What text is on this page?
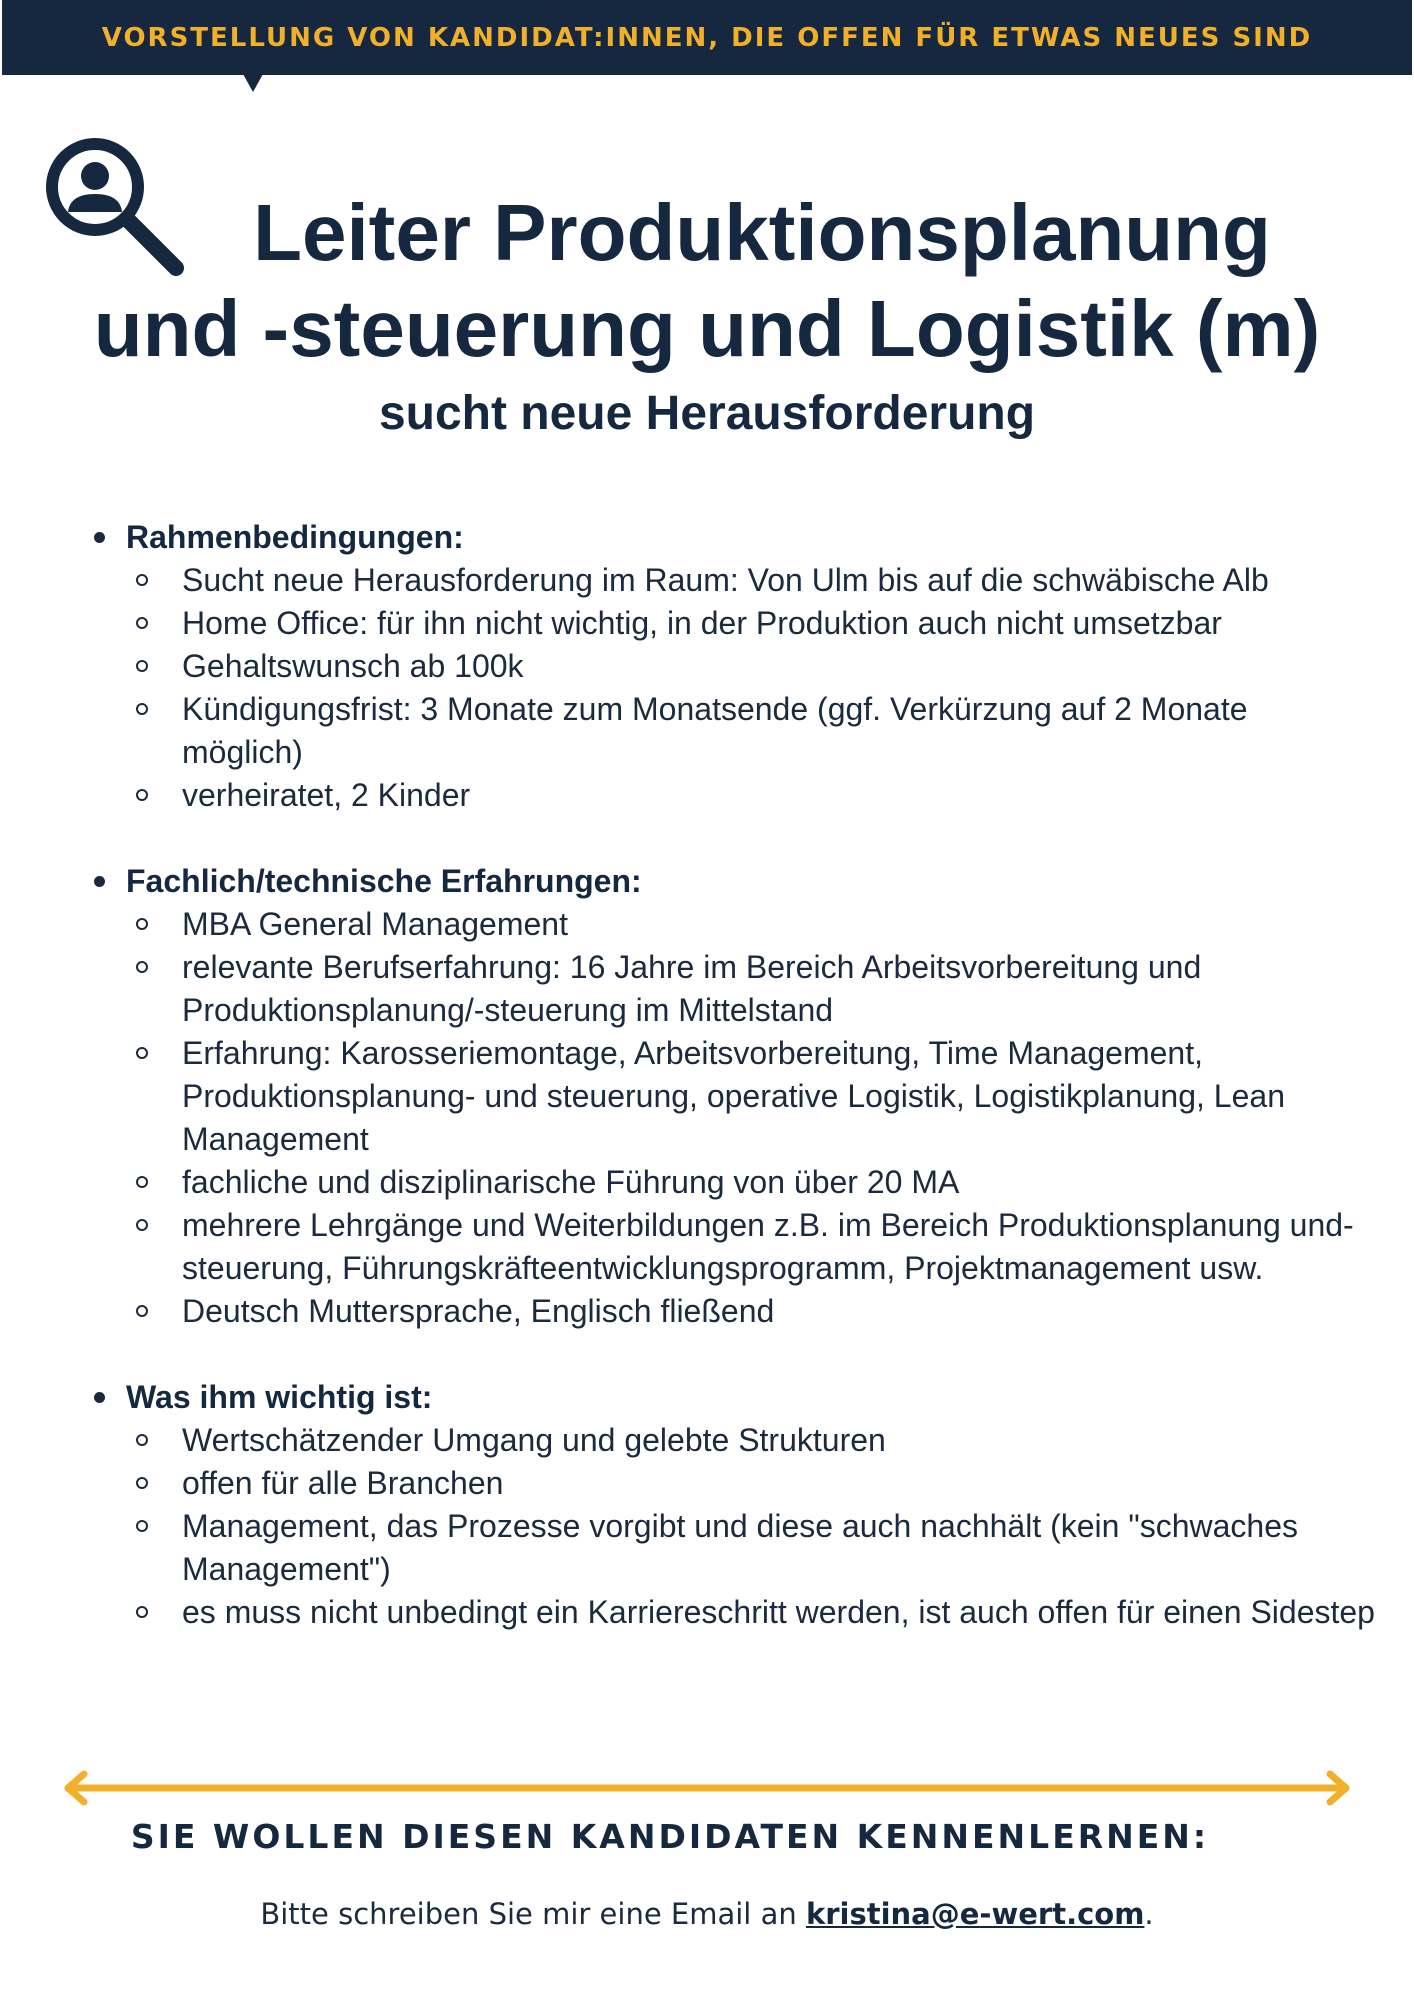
VORSTELLUNG VON KANDIDAT:INNEN, DIE OFFEN FÜR ETWAS NEUES SIND
Leiter Produktionsplanung
und -steuerung und Logistik (m)
sucht neue Herausforderung
Rahmenbedingungen:
Sucht neue Herausforderung im Raum: Von Ulm bis auf die schwäbische Alb
Home Office: für ihn nicht wichtig, in der Produktion auch nicht umsetzbar
Gehaltswunsch ab 100k
Kündigungsfrist: 3 Monate zum Monatsende (ggf. Verkürzung auf 2 Monate möglich)
verheiratet, 2 Kinder
Fachlich/technische Erfahrungen:
MBA General Management
relevante Berufserfahrung: 16 Jahre im Bereich Arbeitsvorbereitung und Produktionsplanung/-steuerung im Mittelstand
Erfahrung: Karosseriemontage, Arbeitsvorbereitung, Time Management, Produktionsplanung- und steuerung, operative Logistik, Logistikplanung, Lean Management
fachliche und disziplinarische Führung von über 20 MA
mehrere Lehrgänge und Weiterbildungen z.B. im Bereich Produktionsplanung und-steuerung, Führungskräfteentwicklungsprogramm, Projektmanagement usw.
Deutsch Muttersprache, Englisch fließend
Was ihm wichtig ist:
Wertschätzender Umgang und gelebte Strukturen
offen für alle Branchen
Management, das Prozesse vorgibt und diese auch nachhält (kein "schwaches Management")
es muss nicht unbedingt ein Karriereschritt werden, ist auch offen für einen Sidestep
SIE WOLLEN DIESEN KANDIDATEN KENNENLERNEN:

Bitte schreiben Sie mir eine Email an kristina@e-wert.com.
